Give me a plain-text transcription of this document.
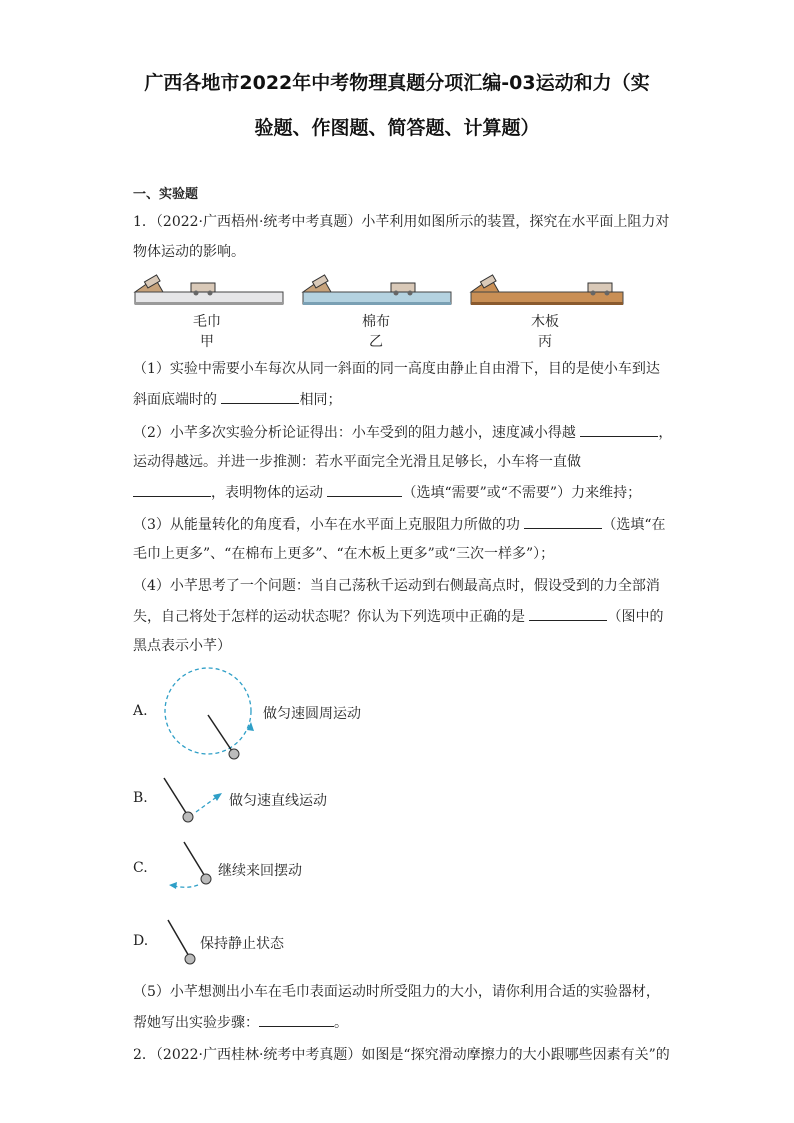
广西各地市2022年中考物理真题分项汇编-03运动和力（实
验题、作图题、简答题、计算题）
一、实验题
1．（2022·广西梧州·统考中考真题）小芊利用如图所示的装置，探究在水平面上阻力对
物体运动的影响。
毛巾
甲
棉布
乙
木板
丙
（1）实验中需要小车每次从同一斜面的同一高度由静止自由滑下，目的是使小车到达
斜面底端时的	相同；
（2）小芊多次实验分析论证得出：小车受到的阻力越小，速度减小得越	，
运动得越远。并进一步推测：若水平面完全光滑且足够长，小车将一直做
，表明物体的运动	（选填“需要”或“不需要”）力来维持；
（3）从能量转化的角度看，小车在水平面上克服阻力所做的功	（选填“在
毛巾上更多”、“在棉布上更多”、“在木板上更多”或“三次一样多”）；
（4）小芊思考了一个问题：当自己荡秋千运动到右侧最高点时，假设受到的力全部消
失，自己将处于怎样的运动状态呢？你认为下列选项中正确的是	（图中的
黑点表示小芊）
A.	做匀速圆周运动
B.	做匀速直线运动
C.	继续来回摆动
D.	保持静止状态
（5）小芊想测出小车在毛巾表面运动时所受阻力的大小，请你利用合适的实验器材，
帮她写出实验步骤：	。
2．（2022·广西桂林·统考中考真题）如图是“探究滑动摩擦力的大小跟哪些因素有关”的
